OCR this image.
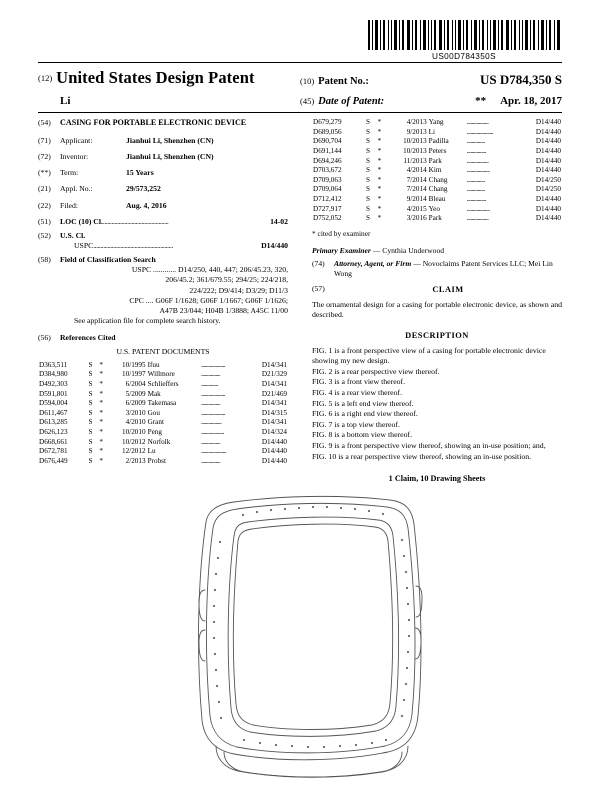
US00D784350S
(12) United States Design Patent	(10) Patent No.:	US D784,350 S
Li	(45) Date of Patent:	** Apr. 18, 2017
(54)	CASING FOR PORTABLE ELECTRONIC DEVICE
(71)	Applicant:	Jianhui Li, Shenzhen (CN)
(72)	Inventor:	Jianhui Li, Shenzhen (CN)
(**)	Term:	15 Years
(21)	Appl. No.:	29/573,252
(22)	Filed:	Aug. 4, 2016
(51)	LOC (10) Cl. ..............................................	14-02
(52)	U.S. Cl.
USPC ........................................................	D14/440
(58)	Field of Classification Search
USPC ............ D14/250, 440, 447; 206/45.23, 320,
206/45.2; 361/679.55; 294/25; 224/218,
224/222; D9/414; D3/29; D11/3
CPC .... G06F 1/1628; G06F 1/1667; G06F 1/1626;
A47B 23/044; H04B 1/3888; A45C 11/00
See application file for complete search history.
(56)	References Cited
U.S. PATENT DOCUMENTS
D363,511	S	*	10/1995	Ifuu	....................	D14/341
D384,980	S	*	10/1997	Willmore	................	D21/329
D492,303	S	*	6/2004	Schlieffers	..............	D14/341
D591,801	S	*	5/2009	Mak	....................	D21/469
D594,004	S	*	6/2009	Takemasa	................	D14/341
D611,467	S	*	3/2010	Gou	....................	D14/315
D613,285	S	*	4/2010	Grant	.................	D14/341
D626,123	S	*	10/2010	Peng	...................	D14/324
D668,661	S	*	10/2012	Norfolk	................	D14/440
D672,781	S	*	12/2012	Lu	.....................	D14/440
D676,449	S	*	2/2013	Probst	................	D14/440
D679,279	S	*	4/2013	Yang	..................	D14/440
D689,056	S	*	9/2013	Li	......................	D14/440
D690,704	S	*	10/2013	Padilla	...............	D14/440
D691,144	S	*	10/2013	Peters	................	D14/440
D694,246	S	*	11/2013	Park	..................	D14/440
D703,672	S	*	4/2014	Kim	...................	D14/440
D709,063	S	*	7/2014	Chang	...............	D14/250
D709,064	S	*	7/2014	Chang	...............	D14/250
D712,412	S	*	9/2014	Bleau	................	D14/440
D727,917	S	*	4/2015	Yeo	...................	D14/440
D752,052	S	*	3/2016	Park	..................	D14/440
* cited by examiner
Primary Examiner — Cynthia Underwood
(74)	Attorney, Agent, or Firm — Novoclaims Patent Services LLC; Mei Lin Wong
(57)	CLAIM
The ornamental design for a casing for portable electronic device, as shown and described.
DESCRIPTION
FIG. 1 is a front perspective view of a casing for portable electronic device showing my new design.
FIG. 2 is a rear perspective view thereof.
FIG. 3 is a front view thereof.
FIG. 4 is a rear view thereof.
FIG. 5 is a left end view thereof.
FIG. 6 is a right end view thereof.
FIG. 7 is a top view thereof.
FIG. 8 is a bottom view thereof.
FIG. 9 is a front perspective view thereof, showing an in-use position; and,
FIG. 10 is a rear perspective view thereof, showing an in-use position.
1 Claim, 10 Drawing Sheets
